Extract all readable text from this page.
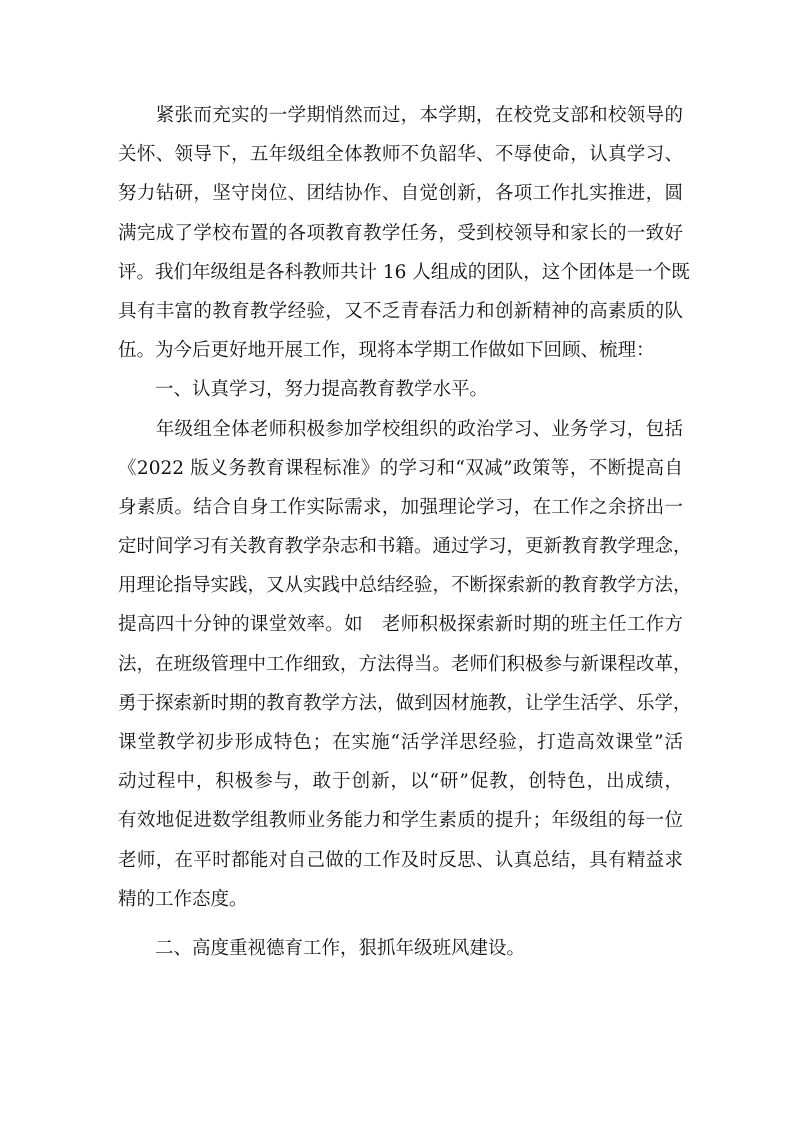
　　紧张而充实的一学期悄然而过，本学期，在校党支部和校领导的
关怀、领导下，五年级组全体教师不负韶华、不辱使命，认真学习、
努力钻研，坚守岗位、团结协作、自觉创新，各项工作扎实推进，圆
满完成了学校布置的各项教育教学任务，受到校领导和家长的一致好
评。我们年级组是各科教师共计 16 人组成的团队，这个团体是一个既
具有丰富的教育教学经验，又不乏青春活力和创新精神的高素质的队
伍。为今后更好地开展工作，现将本学期工作做如下回顾、梳理：
　　一、认真学习，努力提高教育教学水平。
　　年级组全体老师积极参加学校组织的政治学习、业务学习，包括
《2022 版义务教育课程标准》的学习和“双减”政策等，不断提高自
身素质。结合自身工作实际需求，加强理论学习，在工作之余挤出一
定时间学习有关教育教学杂志和书籍。通过学习，更新教育教学理念，
用理论指导实践，又从实践中总结经验，不断探索新的教育教学方法，
提高四十分钟的课堂效率。如　老师积极探索新时期的班主任工作方
法，在班级管理中工作细致，方法得当。老师们积极参与新课程改革，
勇于探索新时期的教育教学方法，做到因材施教，让学生活学、乐学，
课堂教学初步形成特色；在实施“活学洋思经验，打造高效课堂”活
动过程中，积极参与，敢于创新，以“研”促教，创特色，出成绩，
有效地促进数学组教师业务能力和学生素质的提升；年级组的每一位
老师，在平时都能对自己做的工作及时反思、认真总结，具有精益求
精的工作态度。
　　二、高度重视德育工作，狠抓年级班风建设。
